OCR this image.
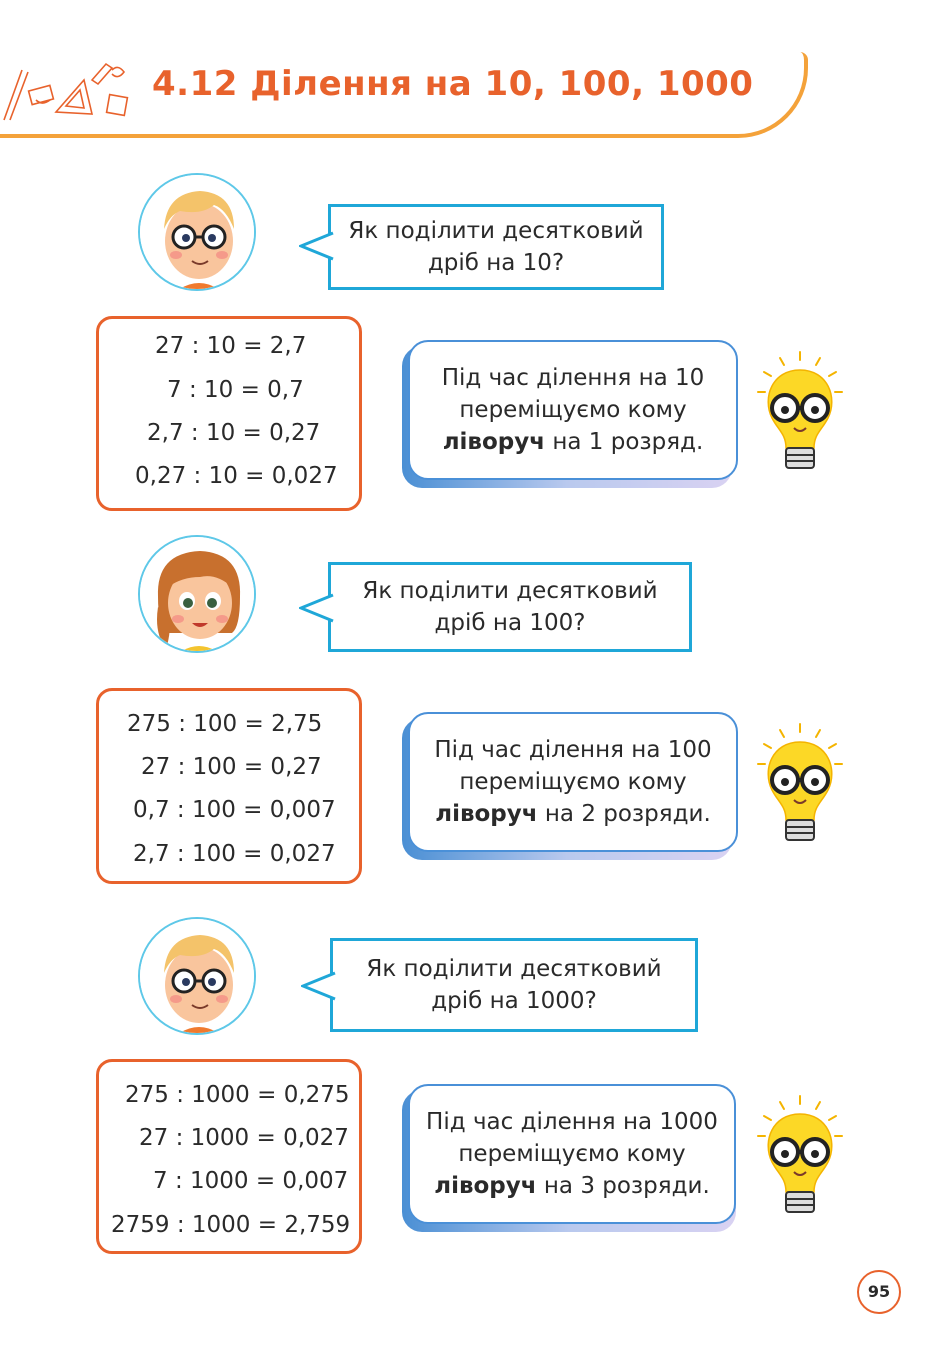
4.12 Ділення на 10, 100, 1000
Як поділити десятковий
дріб на 10?
27 : 10 = 2,7
7 : 10 = 0,7
2,7 : 10 = 0,27
0,27 : 10 = 0,027
Під час ділення на 10
переміщуємо кому
ліворуч на 1 розряд.
Як поділити десятковий
дріб на 100?
275 : 100 = 2,75
27 : 100 = 0,27
0,7 : 100 = 0,007
2,7 : 100 = 0,027
Під час ділення на 100
переміщуємо кому
ліворуч на 2 розряди.
Як поділити десятковий
дріб на 1000?
275 : 1000 = 0,275
27 : 1000 = 0,027
7 : 1000 = 0,007
2759 : 1000 = 2,759
Під час ділення на 1000
переміщуємо кому
ліворуч на 3 розряди.
95
